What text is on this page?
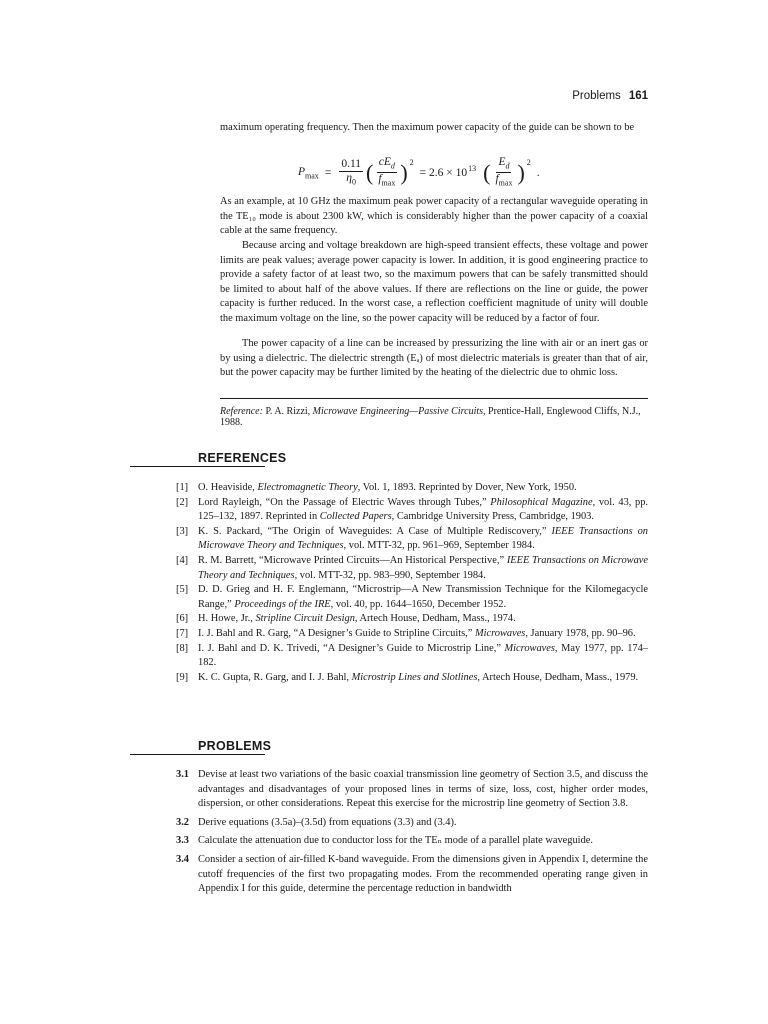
Problems 161
maximum operating frequency. Then the maximum power capacity of the guide can be shown to be
$P_{max} = \frac{0.11}{\eta_0}$ ( $\frac{cE_d}{f_{max}}$ ) 2
= $2.6 \times 10^{13}$ ( $\frac{E_d}{f_{max}}$ ) 2
.
As an example, at 10 GHz the maximum peak power capacity of a rectangular waveguide operating in the TE₁₀ mode is about 2300 kW, which is considerably higher than the power capacity of a coaxial cable at the same frequency.
Because arcing and voltage breakdown are high-speed transient effects, these voltage and power limits are peak values; average power capacity is lower. In addition, it is good engineering practice to provide a safety factor of at least two, so the maximum powers that can be safely transmitted should be limited to about half of the above values. If there are reflections on the line or guide, the power capacity is further reduced. In the worst case, a reflection coefficient magnitude of unity will double the maximum voltage on the line, so the power capacity will be reduced by a factor of four.
The power capacity of a line can be increased by pressurizing the line with air or an inert gas or by using a dielectric. The dielectric strength (Eₐ) of most dielectric materials is greater than that of air, but the power capacity may be further limited by the heating of the dielectric due to ohmic loss.
Reference: P. A. Rizzi, Microwave Engineering—Passive Circuits, Prentice-Hall, Englewood Cliffs, N.J., 1988.
REFERENCES
[1] O. Heaviside, Electromagnetic Theory, Vol. 1, 1893. Reprinted by Dover, New York, 1950.
[2] Lord Rayleigh, “On the Passage of Electric Waves through Tubes,” Philosophical Magazine, vol. 43, pp. 125–132, 1897. Reprinted in Collected Papers, Cambridge University Press, Cambridge, 1903.
[3] K. S. Packard, “The Origin of Waveguides: A Case of Multiple Rediscovery,” IEEE Transactions on Microwave Theory and Techniques, vol. MTT-32, pp. 961–969, September 1984.
[4] R. M. Barrett, “Microwave Printed Circuits—An Historical Perspective,” IEEE Transactions on Microwave Theory and Techniques, vol. MTT-32, pp. 983–990, September 1984.
[5] D. D. Grieg and H. F. Englemann, “Microstrip—A New Transmission Technique for the Kilomegacycle Range,” Proceedings of the IRE, vol. 40, pp. 1644–1650, December 1952.
[6] H. Howe, Jr., Stripline Circuit Design, Artech House, Dedham, Mass., 1974.
[7] I. J. Bahl and R. Garg, “A Designer’s Guide to Stripline Circuits,” Microwaves, January 1978, pp. 90–96.
[8] I. J. Bahl and D. K. Trivedi, “A Designer’s Guide to Microstrip Line,” Microwaves, May 1977, pp. 174–182.
[9] K. C. Gupta, R. Garg, and I. J. Bahl, Microstrip Lines and Slotlines, Artech House, Dedham, Mass., 1979.
PROBLEMS
3.1 Devise at least two variations of the basic coaxial transmission line geometry of Section 3.5, and discuss the advantages and disadvantages of your proposed lines in terms of size, loss, cost, higher order modes, dispersion, or other considerations. Repeat this exercise for the microstrip line geometry of Section 3.8.
3.2 Derive equations (3.5a)–(3.5d) from equations (3.3) and (3.4).
3.3 Calculate the attenuation due to conductor loss for the TEₙ mode of a parallel plate waveguide.
3.4 Consider a section of air-filled K-band waveguide. From the dimensions given in Appendix I, determine the cutoff frequencies of the first two propagating modes. From the recommended operating range given in Appendix I for this guide, determine the percentage reduction in bandwidth
